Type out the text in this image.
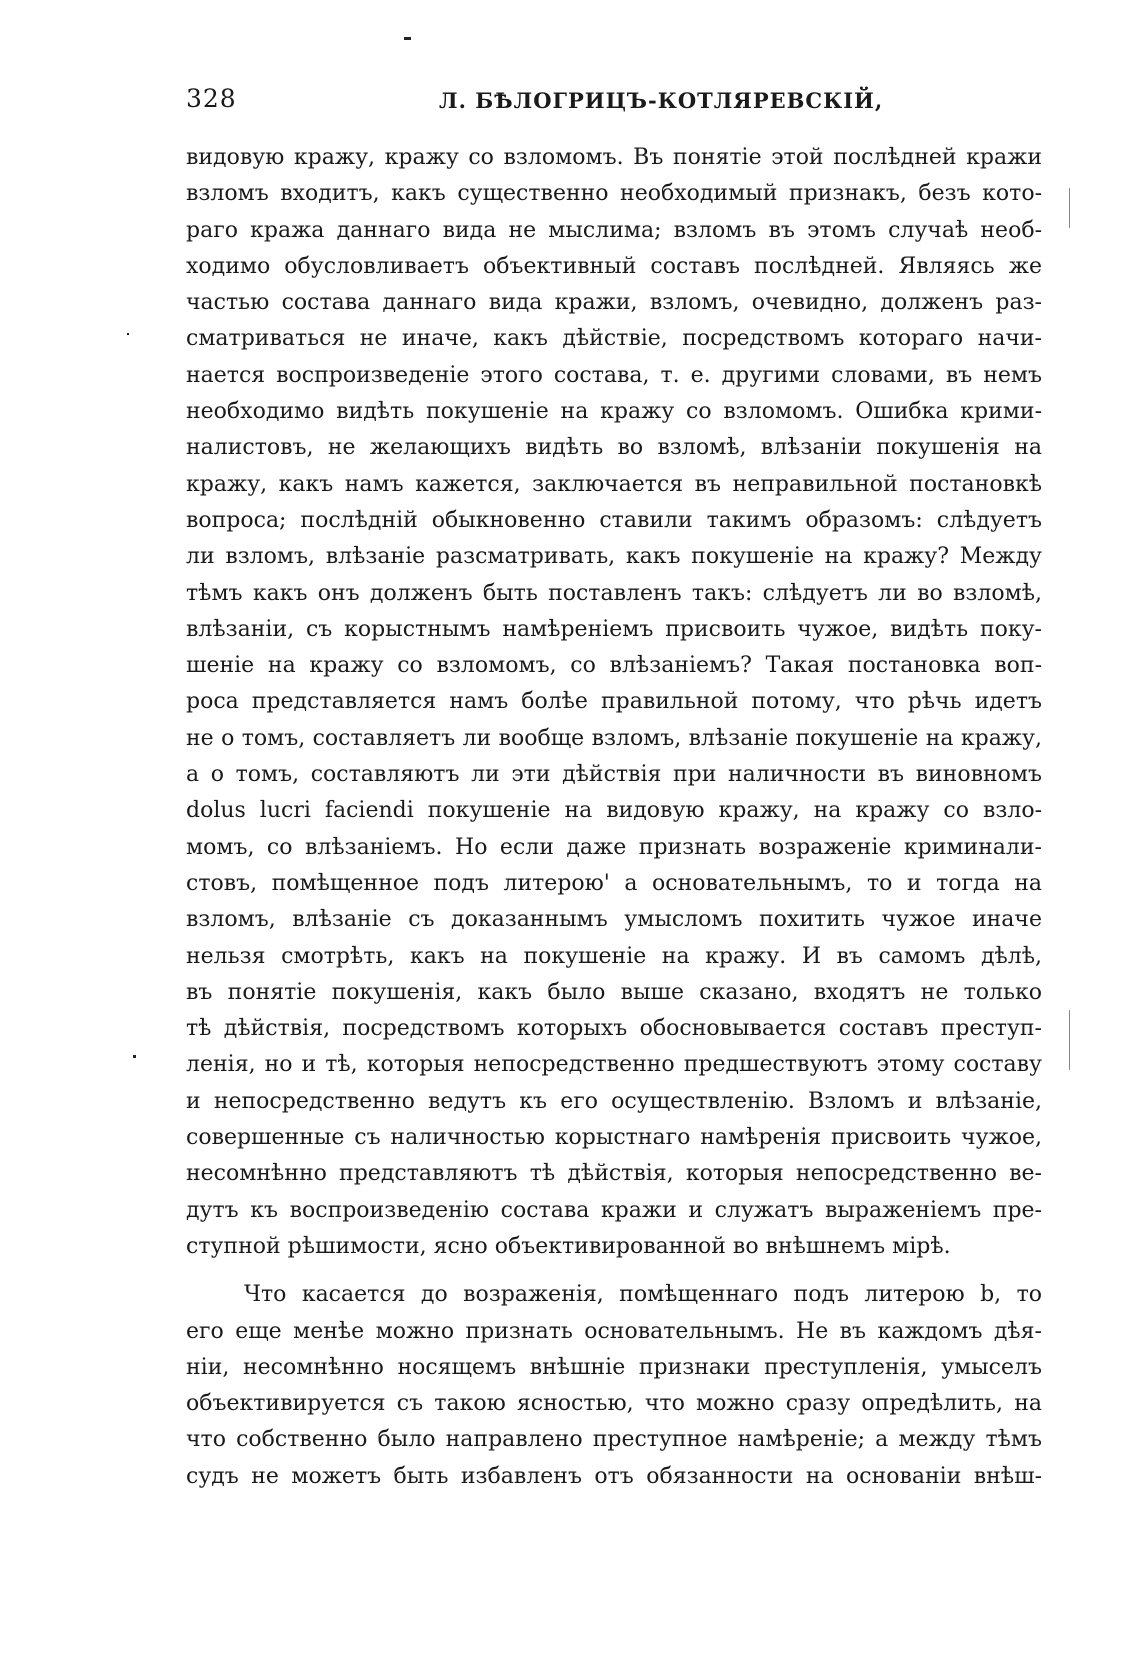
328	Л. БѢЛОГРИЦЪ-КОТЛЯРЕВСКІЙ,
видовую кражу, кражу со взломомъ. Въ понятіе этой послѣдней кражи
взломъ входитъ, какъ существенно необходимый признакъ, безъ кото-
раго кража даннаго вида не мыслима; взломъ въ этомъ случаѣ необ-
ходимо обусловливаетъ объективный составъ послѣдней. Являясь же
частью состава даннаго вида кражи, взломъ, очевидно, долженъ раз-
сматриваться не иначе, какъ дѣйствіе, посредствомъ котораго начи-
нается воспроизведеніе этого состава, т. е. другими словами, въ немъ
необходимо видѣть покушеніе на кражу со взломомъ. Ошибка крими-
налистовъ, не желающихъ видѣть во взломѣ, влѣзаніи покушенія на
кражу, какъ намъ кажется, заключается въ неправильной постановкѣ
вопроса; послѣдній обыкновенно ставили такимъ образомъ: слѣдуетъ
ли взломъ, влѣзаніе разсматривать, какъ покушеніе на кражу? Между
тѣмъ какъ онъ долженъ быть поставленъ такъ: слѣдуетъ ли во взломѣ,
влѣзаніи, съ корыстнымъ намѣреніемъ присвоить чужое, видѣть поку-
шеніе на кражу со взломомъ, со влѣзаніемъ? Такая постановка воп-
роса представляется намъ болѣе правильной потому, что рѣчь идетъ
не о томъ, составляетъ ли вообще взломъ, влѣзаніе покушеніе на кражу,
а о томъ, составляютъ ли эти дѣйствія при наличности въ виновномъ
dolus lucri faciendi покушеніе на видовую кражу, на кражу со взло-
момъ, со влѣзаніемъ. Но если даже признать возраженіе криминали-
стовъ, помѣщенное подъ литерою' а основательнымъ, то и тогда на
взломъ, влѣзаніе съ доказаннымъ умысломъ похитить чужое иначе
нельзя смотрѣть, какъ на покушеніе на кражу. И въ самомъ дѣлѣ,
въ понятіе покушенія, какъ было выше сказано, входятъ не только
тѣ дѣйствія, посредствомъ которыхъ обосновывается составъ преступ-
ленія, но и тѣ, которыя непосредственно предшествуютъ этому составу
и непосредственно ведутъ къ его осуществленію. Взломъ и влѣзаніе,
совершенные съ наличностью корыстнаго намѣренія присвоить чужое,
несомнѣнно представляютъ тѣ дѣйствія, которыя непосредственно ве-
дутъ къ воспроизведенію состава кражи и служатъ выраженіемъ пре-
ступной рѣшимости, ясно объективированной во внѣшнемъ мірѣ.
Что касается до возраженія, помѣщеннаго подъ литерою b, то
его еще менѣе можно признать основательнымъ. Не въ каждомъ дѣя-
ніи, несомнѣнно носящемъ внѣшніе признаки преступленія, умыселъ
объективируется съ такою ясностью, что можно сразу опредѣлить, на
что собственно было направлено преступное намѣреніе; а между тѣмъ
судъ не можетъ быть избавленъ отъ обязанности на основаніи внѣш-
